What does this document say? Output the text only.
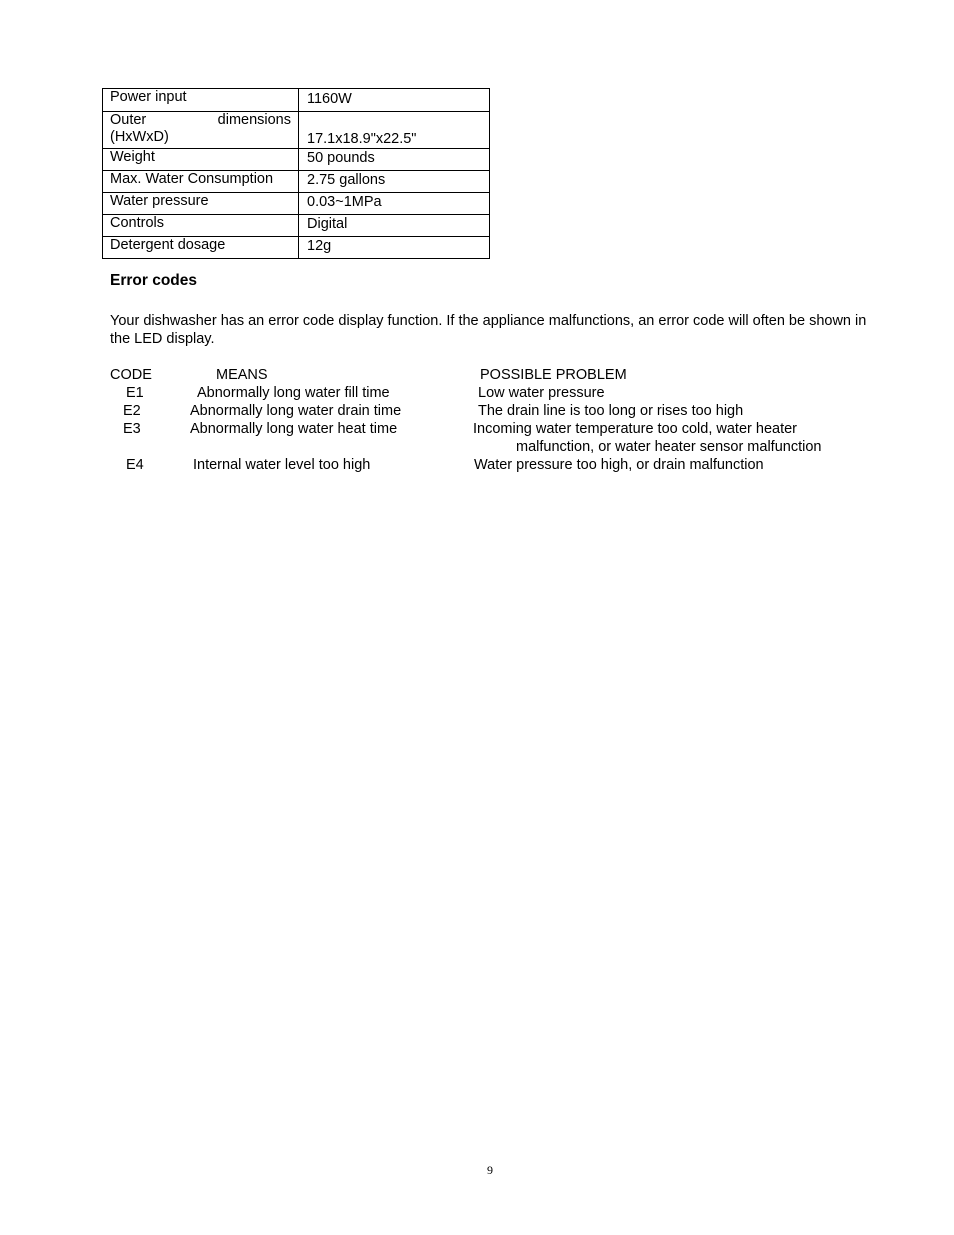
Power input	1160W

Outer dimensions
(HxWxD)	17.1x18.9"x22.5"
Weight	50 pounds
Max. Water Consumption	2.75 gallons
Water pressure	0.03~1MPa
Controls	Digital
Detergent dosage	12g
Error codes
Your dishwasher has an error code display function. If the appliance malfunctions, an error code will often be shown in the LED display.
CODE	MEANS	POSSIBLE PROBLEM
E1	Abnormally long water fill time	Low water pressure
E2	Abnormally long water drain time	The drain line is too long or rises too high
E3	Abnormally long water heat time	Incoming water temperature too cold, water heater
malfunction, or water heater sensor malfunction
E4	Internal water level too high	Water pressure too high, or drain malfunction
9
